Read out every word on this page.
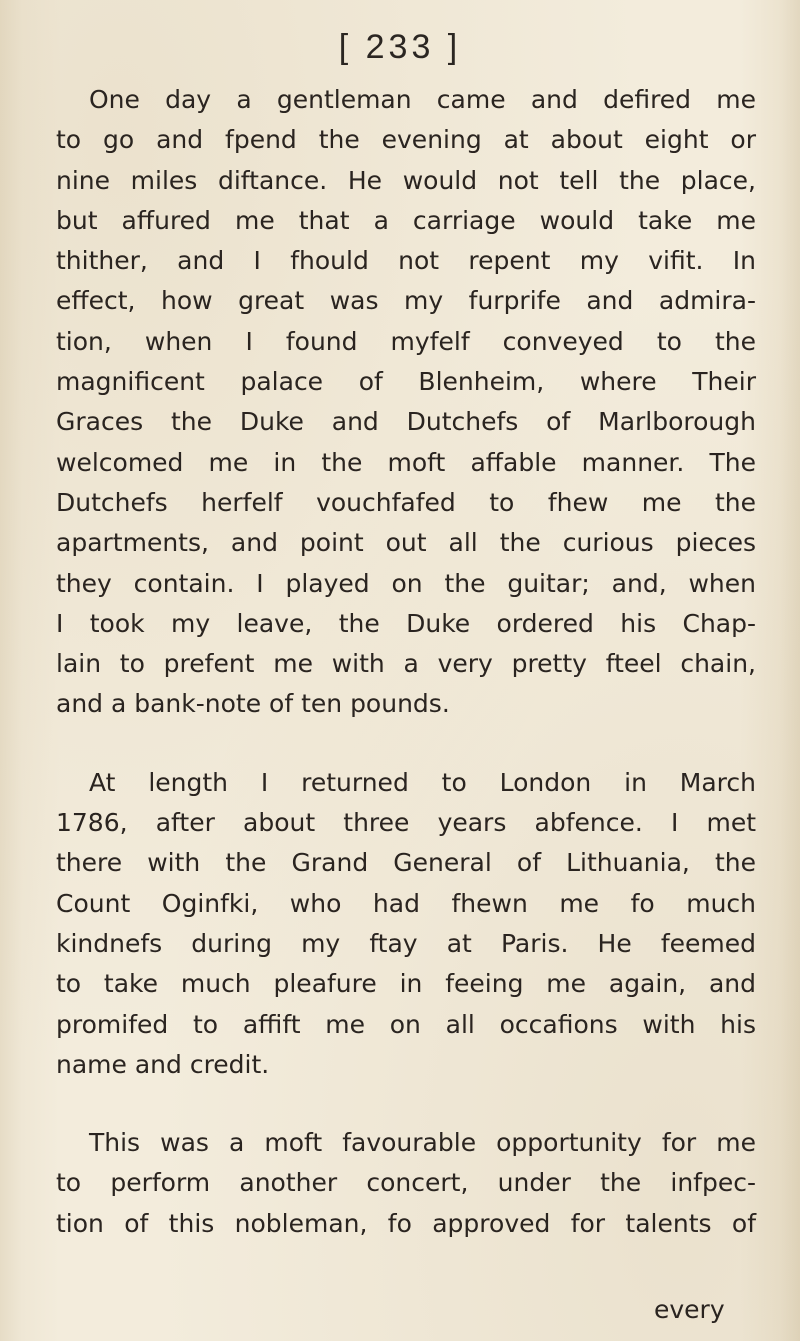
[ 233 ]
One day a gentleman came and defired me
to go and fpend the evening at about eight or
nine miles diftance. He would not tell the place,
but affured me that a carriage would take me
thither, and I fhould not repent my vifit. In
effect, how great was my furprife and admira-
tion, when I found myfelf conveyed to the
magnificent palace of Blenheim, where Their
Graces the Duke and Dutchefs of Marlborough
welcomed me in the moft affable manner. The
Dutchefs herfelf vouchfafed to fhew me the
apartments, and point out all the curious pieces
they contain. I played on the guitar; and, when
I took my leave, the Duke ordered his Chap-
lain to prefent me with a very pretty fteel chain,
and a bank-note of ten pounds.
At length I returned to London in March
1786, after about three years abfence. I met
there with the Grand General of Lithuania, the
Count Oginfki, who had fhewn me fo much
kindnefs during my ftay at Paris. He feemed
to take much pleafure in feeing me again, and
promifed to affift me on all occafions with his
name and credit.
This was a moft favourable opportunity for me
to perform another concert, under the infpec-
tion of this nobleman, fo approved for talents of
every
